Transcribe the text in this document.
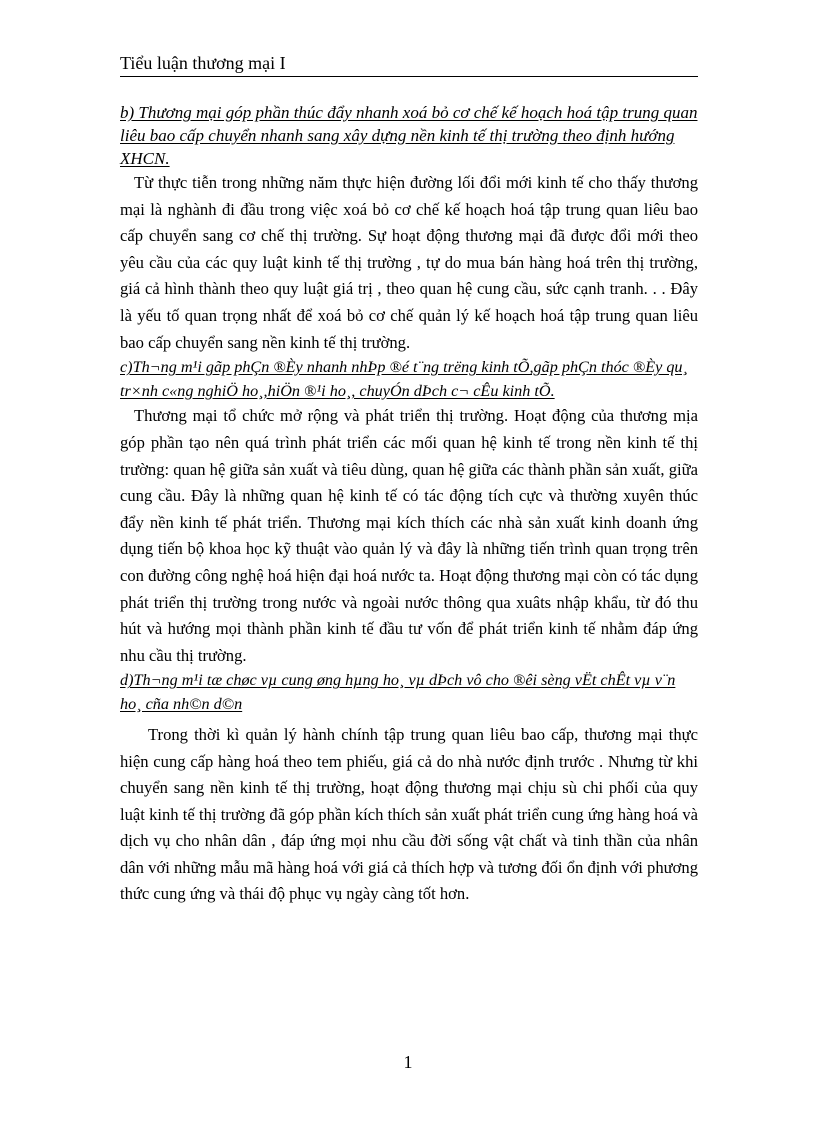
Tiểu luận thương mại I

b) Thương mại góp phần thúc đẩy nhanh xoá bỏ cơ chế kế hoạch hoá tập trung quan liêu bao cấp chuyển nhanh sang xây dựng nền kinh tế thị trường theo định hướng XHCN.

Từ thực tiễn trong những năm thực hiện đường lối đổi mới kinh tế cho thấy thương mại là nghành đi đầu trong việc xoá bỏ cơ chế kế hoạch hoá tập trung quan liêu bao cấp chuyển sang cơ chế thị trường. Sự hoạt động thương mại đã được đổi mới theo yêu cầu của các quy luật kinh tế thị trường , tự do mua bán hàng hoá trên thị trường, giá cả hình thành theo quy luật giá trị , theo quan hệ cung cầu, sức cạnh tranh. . . Đây là yếu tố quan trọng nhất để xoá bỏ cơ chế quản lý kế hoạch hoá tập trung quan liêu bao cấp chuyển sang nền kinh tế thị trường.

c)Th¬ng m¹i gãp phÇn ®Èy nhanh nhÞp ®é t¨ng trëng kinh tÕ,gãp phÇn thóc ®Èy qu¸ tr×nh c«ng nghiÖ ho¸,hiÖn ®¹i ho¸, chuyÓn dÞch c¬ cÊu kinh tÕ.

Thương mại tổ chức mở rộng và phát triển thị trường. Hoạt động của thương mịa góp phần tạo nên quá trình phát triển các mối quan hệ kinh tế trong nền kinh tế thị trường: quan hệ giữa sản xuất và tiêu dùng, quan hệ giữa các thành phần sản xuất, giữa cung cầu. Đây là những quan hệ kinh tế có tác động tích cực và thường xuyên thúc đẩy nền kinh tế phát triển. Thương mại kích thích các nhà sản xuất kinh doanh ứng dụng tiến bộ khoa học kỹ thuật vào quản lý và đây là những tiến trình quan trọng trên con đường công nghệ hoá hiện đại hoá nước ta. Hoạt động thương mại còn có tác dụng phát triển thị trường trong nước và ngoài nước thông qua xuâts nhập khẩu, từ đó thu hút và hướng mọi thành phần kinh tế đầu tư vốn để phát triển kinh tế nhằm đáp ứng nhu cầu thị trường.

d)Th¬ng m¹i tæ chøc vµ cung øng hµng ho¸ vµ dÞch vô cho ®êi sèng vËt chÊt vµ v¨n ho¸ cña nh©n d©n

Trong thời kì quản lý hành chính tập trung quan liêu bao cấp, thương mại thực hiện cung cấp hàng hoá theo tem phiếu, giá cả do nhà nước định trước . Nhưng từ khi chuyển sang nền kinh tế thị trường, hoạt động thương mại chịu sù chi phối của quy luật kinh tế thị trường đã góp phần kích thích sản xuất phát triển cung ứng hàng hoá và dịch vụ cho nhân dân , đáp ứng mọi nhu cầu đời sống vật chất và tinh thần của nhân dân với những mẫu mã hàng hoá với giá cả thích hợp và tương đối ổn định với phương thức cung ứng và thái độ phục vụ ngày càng tốt hơn.

1
